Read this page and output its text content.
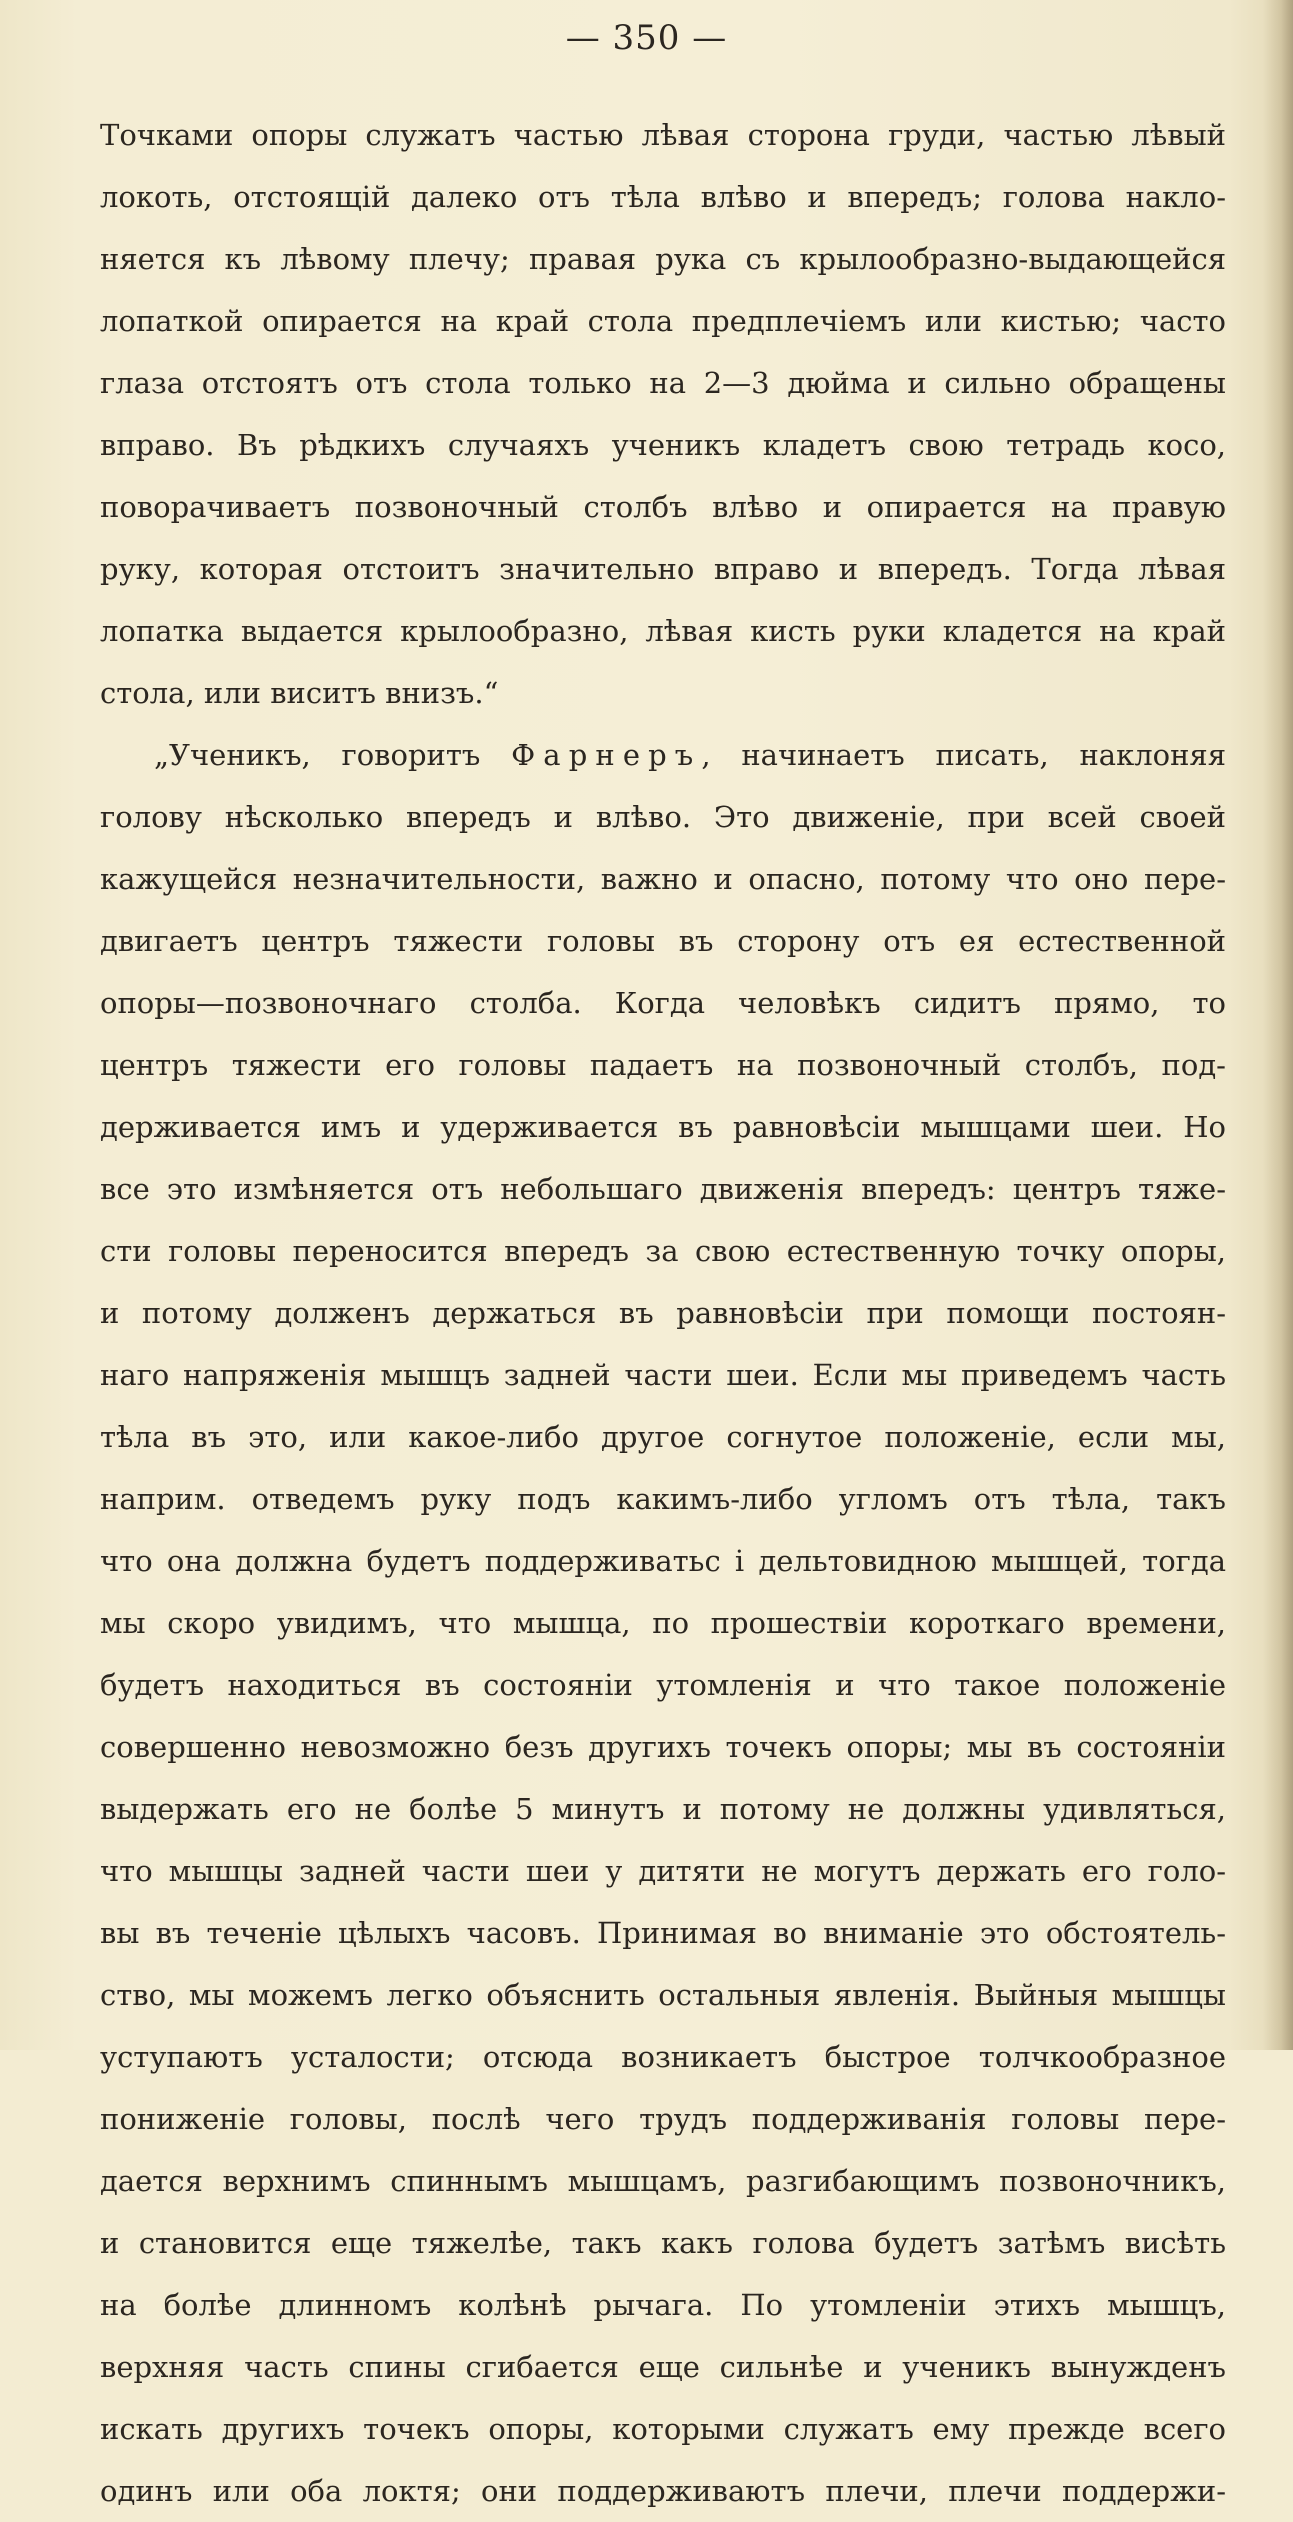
— 350 —
Точками опоры служатъ частью лѣвая сторона груди, частью лѣвый
локоть, отстоящiй далеко отъ тѣла влѣво и впередъ; голова накло-
няется къ лѣвому плечу; правая рука съ крылообразно-выдающейся
лопаткой опирается на край стола предплечiемъ или кистью; часто
глаза отстоятъ отъ стола только на 2—3 дюйма и сильно обращены
вправо. Въ рѣдкихъ случаяхъ ученикъ кладетъ свою тетрадь косо,
поворачиваетъ позвоночный столбъ влѣво и опирается на правую
руку, которая отстоитъ значительно вправо и впередъ. Тогда лѣвая
лопатка выдается крылообразно, лѣвая кисть руки кладется на край
стола, или виситъ внизъ.“
„Ученикъ, говоритъ Фарнеръ, начинаетъ писать, наклоняя
голову нѣсколько впередъ и влѣво. Это движенiе, при всей своей
кажущейся незначительности, важно и опасно, потому что оно пере-
двигаетъ центръ тяжести головы въ сторону отъ ея естественной
опоры—позвоночнаго столба. Когда человѣкъ сидитъ прямо, то
центръ тяжести его головы падаетъ на позвоночный столбъ, под-
держивается имъ и удерживается въ равновѣсiи мышцами шеи. Но
все это измѣняется отъ небольшаго движенiя впередъ: центръ тяже-
сти головы переносится впередъ за свою естественную точку опоры,
и потому долженъ держаться въ равновѣсiи при помощи постоян-
наго напряженiя мышцъ задней части шеи. Если мы приведемъ часть
тѣла въ это, или какое-либо другое согнутое положенiе, если мы,
наприм. отведемъ руку подъ какимъ-либо угломъ отъ тѣла, такъ
что она должна будетъ поддерживатьс і дельтовидною мышцей, тогда
мы скоро увидимъ, что мышца, по прошествiи короткаго времени,
будетъ находиться въ состоянiи утомленiя и что такое положенiе
совершенно невозможно безъ другихъ точекъ опоры; мы въ состоянiи
выдержать его не болѣе 5 минутъ и потому не должны удивляться,
что мышцы задней части шеи у дитяти не могутъ держать его голо-
вы въ теченiе цѣлыхъ часовъ. Принимая во вниманiе это обстоятель-
ство, мы можемъ легко объяснить остальныя явленiя. Выйныя мышцы
уступаютъ усталости; отсюда возникаетъ быстрое толчкообразное
пониженiе головы, послѣ чего трудъ поддерживанiя головы пере-
дается верхнимъ спиннымъ мышцамъ, разгибающимъ позвоночникъ,
и становится еще тяжелѣе, такъ какъ голова будетъ затѣмъ висѣть
на болѣе длинномъ колѣнѣ рычага. По утомленiи этихъ мышцъ,
верхняя часть спины сгибается еще сильнѣе и ученикъ вынужденъ
искать другихъ точекъ опоры, которыми служатъ ему прежде всего
одинъ или оба локтя; они поддерживаютъ плечи, плечи поддержи-
